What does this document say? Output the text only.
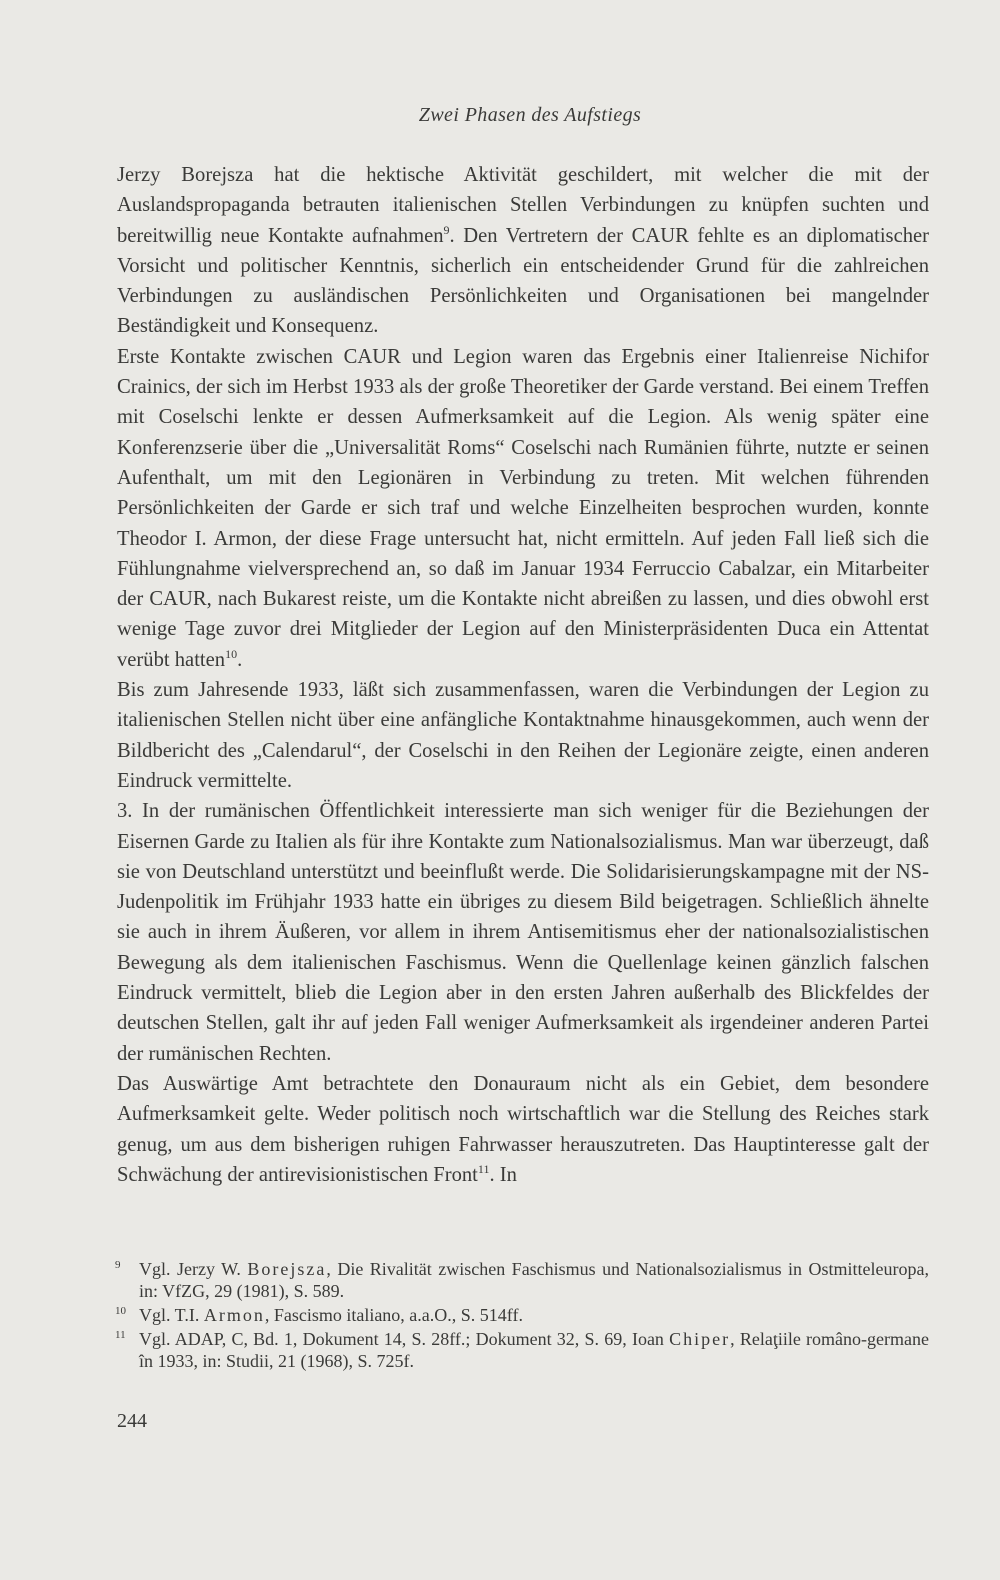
Zwei Phasen des Aufstiegs

Jerzy Borejsza hat die hektische Aktivität geschildert, mit welcher die mit der Auslandspropaganda betrauten italienischen Stellen Verbindungen zu knüpfen suchten und bereitwillig neue Kontakte aufnahmen$^9$. Den Vertretern der CAUR fehlte es an diplomatischer Vorsicht und politischer Kenntnis, sicherlich ein entscheidender Grund für die zahlreichen Verbindungen zu ausländischen Persönlichkeiten und Organisationen bei mangelnder Beständigkeit und Konsequenz.

Erste Kontakte zwischen CAUR und Legion waren das Ergebnis einer Italienreise Nichifor Crainics, der sich im Herbst 1933 als der große Theoretiker der Garde verstand. Bei einem Treffen mit Coselschi lenkte er dessen Aufmerksamkeit auf die Legion. Als wenig später eine Konferenzserie über die „Universalität Roms“ Coselschi nach Rumänien führte, nutzte er seinen Aufenthalt, um mit den Legionären in Verbindung zu treten. Mit welchen führenden Persönlichkeiten der Garde er sich traf und welche Einzelheiten besprochen wurden, konnte Theodor I. Armon, der diese Frage untersucht hat, nicht ermitteln. Auf jeden Fall ließ sich die Fühlungnahme vielversprechend an, so daß im Januar 1934 Ferruccio Cabalzar, ein Mitarbeiter der CAUR, nach Bukarest reiste, um die Kontakte nicht abreißen zu lassen, und dies obwohl erst wenige Tage zuvor drei Mitglieder der Legion auf den Ministerpräsidenten Duca ein Attentat verübt hatten$^{10}$.

Bis zum Jahresende 1933, läßt sich zusammenfassen, waren die Verbindungen der Legion zu italienischen Stellen nicht über eine anfängliche Kontaktnahme hinausgekommen, auch wenn der Bildbericht des „Calendarul“, der Coselschi in den Reihen der Legionäre zeigte, einen anderen Eindruck vermittelte.

3. In der rumänischen Öffentlichkeit interessierte man sich weniger für die Beziehungen der Eisernen Garde zu Italien als für ihre Kontakte zum Nationalsozialismus. Man war überzeugt, daß sie von Deutschland unterstützt und beeinflußt werde. Die Solidarisierungskampagne mit der NS-Judenpolitik im Frühjahr 1933 hatte ein übriges zu diesem Bild beigetragen. Schließlich ähnelte sie auch in ihrem Äußeren, vor allem in ihrem Antisemitismus eher der nationalsozialistischen Bewegung als dem italienischen Faschismus. Wenn die Quellenlage keinen gänzlich falschen Eindruck vermittelt, blieb die Legion aber in den ersten Jahren außerhalb des Blickfeldes der deutschen Stellen, galt ihr auf jeden Fall weniger Aufmerksamkeit als irgendeiner anderen Partei der rumänischen Rechten.

Das Auswärtige Amt betrachtete den Donauraum nicht als ein Gebiet, dem besondere Aufmerksamkeit gelte. Weder politisch noch wirtschaftlich war die Stellung des Reiches stark genug, um aus dem bisherigen ruhigen Fahrwasser herauszutreten. Das Hauptinteresse galt der Schwächung der antirevisionistischen Front$^{11}$. In

9 Vgl. Jerzy W. Borejsza, Die Rivalität zwischen Faschismus und Nationalsozialismus in Ostmitteleuropa, in: VfZG, 29 (1981), S. 589.
10 Vgl. T.I. Armon, Fascismo italiano, a.a.O., S. 514ff.
11 Vgl. ADAP, C, Bd. 1, Dokument 14, S. 28ff.; Dokument 32, S. 69, Ioan Chiper, Relaţiile româno-germane în 1933, in: Studii, 21 (1968), S. 725f.
244
